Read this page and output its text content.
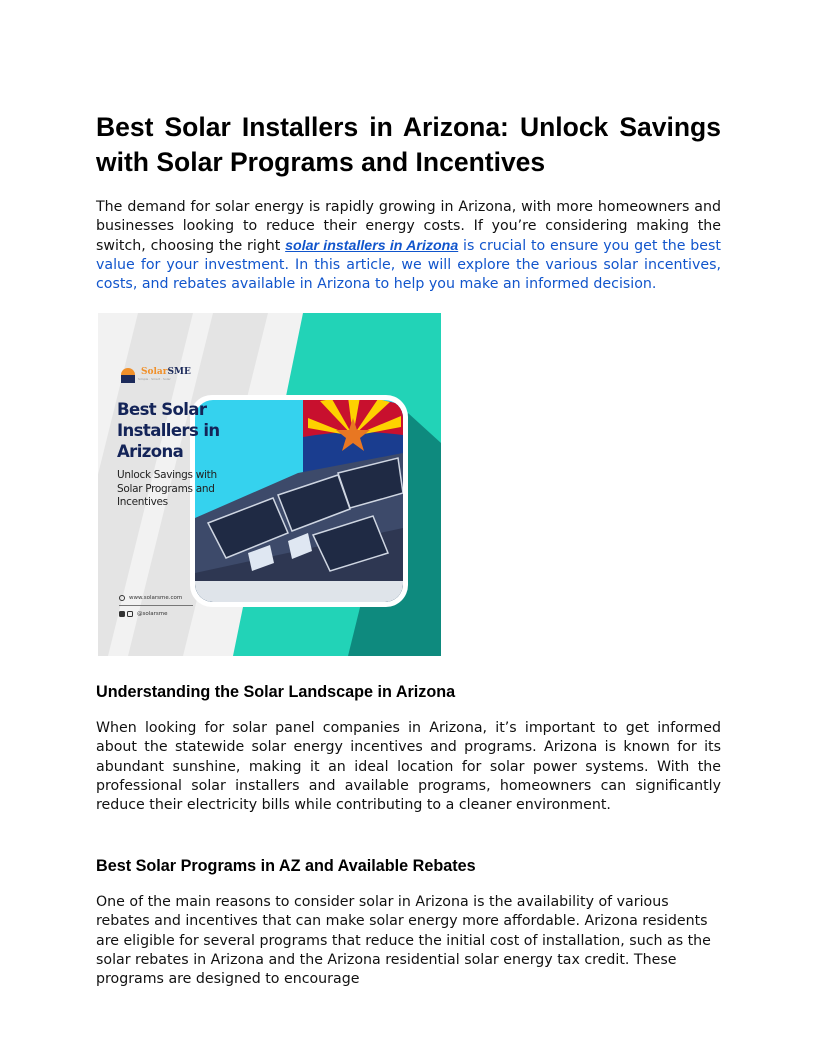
Best Solar Installers in Arizona: Unlock Savings with Solar Programs and Incentives

The demand for solar energy is rapidly growing in Arizona, with more homeowners and businesses looking to reduce their energy costs. If you’re considering making the switch, choosing the right solar installers in Arizona is crucial to ensure you get the best value for your investment. In this article, we will explore the various solar incentives, costs, and rebates available in Arizona to help you make an informed decision.

Understanding the Solar Landscape in Arizona

When looking for solar panel companies in Arizona, it’s important to get informed about the statewide solar energy incentives and programs. Arizona is known for its abundant sunshine, making it an ideal location for solar power systems. With the professional solar installers and available programs, homeowners can significantly reduce their electricity bills while contributing to a cleaner environment.

Best Solar Programs in AZ and Available Rebates

One of the main reasons to consider solar in Arizona is the availability of various rebates and incentives that can make solar energy more affordable. Arizona residents are eligible for several programs that reduce the initial cost of installation, such as the solar rebates in Arizona and the Arizona residential solar energy tax credit. These programs are designed to encourage

SolarSME
Simple · Smart · Solar
Best Solar Installers in Arizona
Unlock Savings with Solar Programs and Incentives
www.solarsme.com
@solarsme
